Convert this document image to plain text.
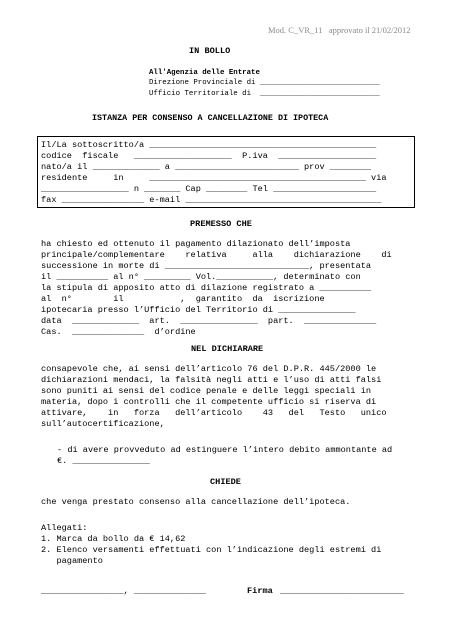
Mod. C_VR_11   approvato il 21/02/2012
IN BOLLO
All'Agenzia delle Entrate
Direzione Provinciale di ___________________________
Ufficio Territoriale di  ___________________________
ISTANZA PER CONSENSO A CANCELLAZIONE DI IPOTECA
Il/La sottoscritto/a ____________________________________________
codice  fiscale   ___________________  P.iva  ___________________
nato/a il _____________ a ________________________ prov ________
residente     in     __________________________________________ via
_________________ n _______ Cap ________ Tel ____________________
fax ________________ e-mail ______________________________________
PREMESSO CHE
ha chiesto ed ottenuto il pagamento dilazionato dell’imposta
principale/complementare    relativa     alla    dichiarazione    di
successione in morte di ____________________________, presentata
il __________ al n° _________ Vol.___________, determinato con
la stipula di apposito atto di dilazione registrato a __________
al  n°        il           ,  garantito  da  iscrizione
ipotecaria presso l’Ufficio del Territorio di _______________
data  _____________  art.  _______________  part.  ______________
Cas.  ______________  d’ordine
NEL DICHIARARE
consapevole che, ai sensi dell’articolo 76 del D.P.R. 445/2000 le
dichiarazioni mendaci, la falsità negli atti e l’uso di atti falsi
sono puniti ai sensi del codice penale e delle leggi speciali in
materia, dopo i controlli che il competente ufficio si riserva di
attivare,    in   forza   dell’articolo    43   del   Testo   unico
sull’autocertificazione,
- di avere provveduto ad estinguere l’intero debito ammontante ad
€. _______________
CHIEDE
che venga prestato consenso alla cancellazione dell’ipoteca.
Allegati:
1. Marca da bollo da € 14,62
2. Elenco versamenti effettuati con l’indicazione degli estremi di
pagamento
________________, ______________	Firma ________________________
